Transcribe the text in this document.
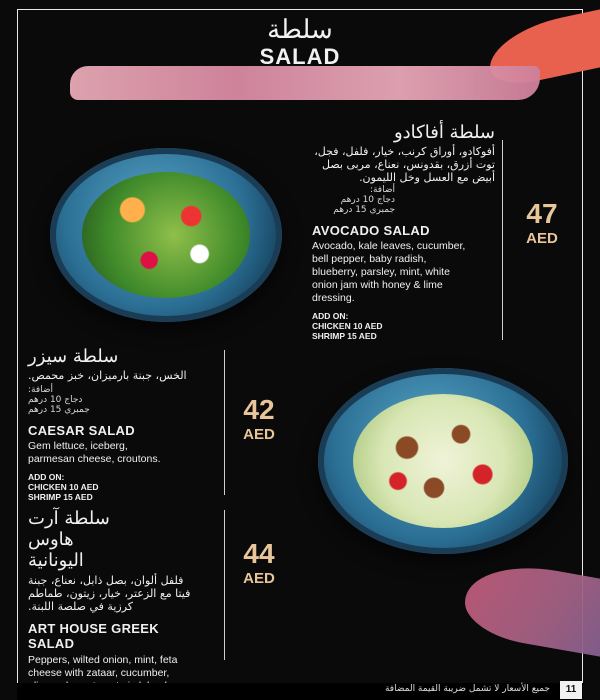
سلطة
SALAD
سلطة أفاكادو
أفوكادو، أوراق كرنب، خيار، فلفل، فجل،
توت أزرق، بقدونس، نعناع، مربى بصل
أبيض مع العسل وخل الليمون.
أضافة:
دجاج 10 درهم
جمبري 15 درهم
AVOCADO SALAD
Avocado, kale leaves, cucumber,
bell pepper, baby radish,
blueberry, parsley, mint, white
onion jam with honey & lime
dressing.
ADD ON:
CHICKEN 10 AED
SHRIMP 15 AED
47
AED
سلطة سيزر
الخس، جبنة بارميزان، خبز محمص.
أضافة:
دجاج 10 درهم
جمبري 15 درهم
CAESAR SALAD
Gem lettuce, iceberg,
parmesan cheese, croutons.
ADD ON:
CHICKEN 10 AED
SHRIMP 15 AED
42
AED
سلطة آرت هاوس
اليونانية
فلفل ألوان، بصل ذابل، نعناع، جبنة
فيتا مع الزعتر، خيار، زيتون، طماطم
كرزية في صلصة اللبنة.
ART HOUSE GREEK
SALAD
Peppers, wilted onion, mint, feta
cheese with zataar, cucumber,
44
AED
جميع الأسعار لا تشمل ضريبة القيمة المضافة	11
